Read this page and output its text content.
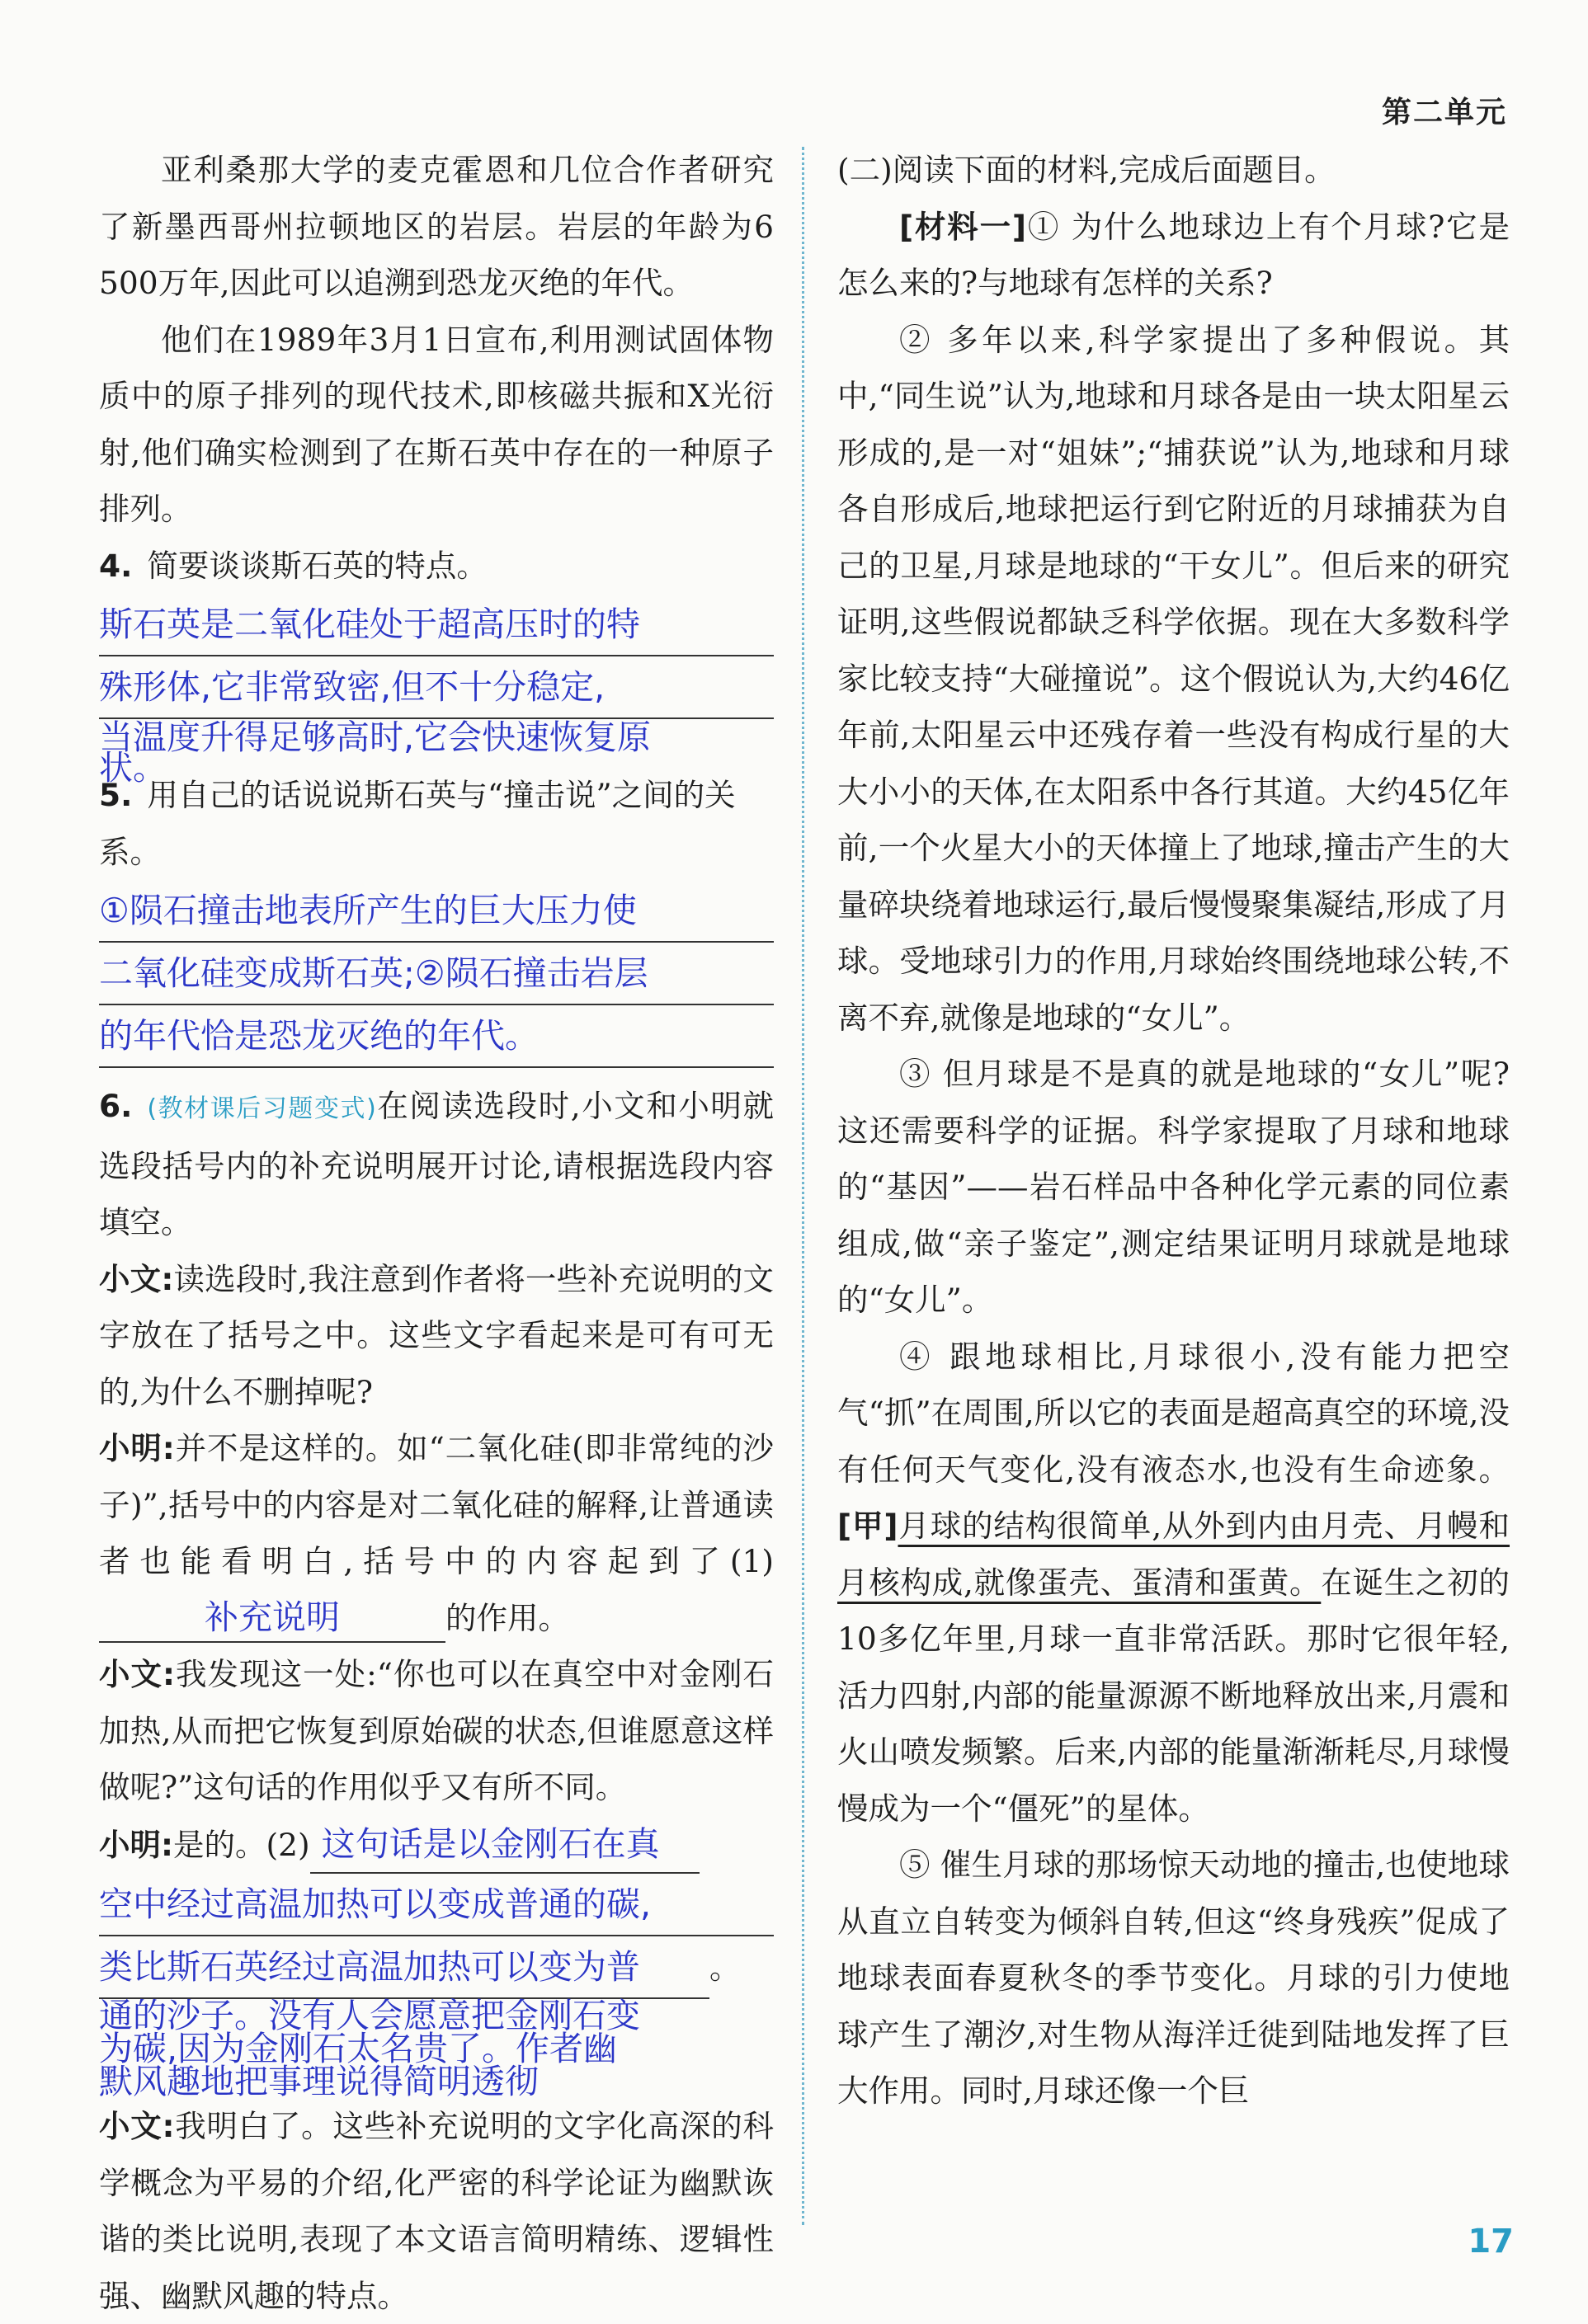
第二单元

亚利桑那大学的麦克霍恩和几位合作者研究了新墨西哥州拉顿地区的岩层。岩层的年龄为6 500万年,因此可以追溯到恐龙灭绝的年代。

他们在1989年3月1日宣布,利用测试固体物质中的原子排列的现代技术,即核磁共振和X光衍射,他们确实检测到了在斯石英中存在的一种原子排列。

4. 简要谈谈斯石英的特点。
斯石英是二氧化硅处于超高压时的特
殊形体,它非常致密,但不十分稳定,
当温度升得足够高时,它会快速恢复原
状。
5. 用自己的话说说斯石英与“撞击说”之间的关系。
①陨石撞击地表所产生的巨大压力使
二氧化硅变成斯石英;②陨石撞击岩层
的年代恰是恐龙灭绝的年代。

6. (教材课后习题变式)在阅读选段时,小文和小明就选段括号内的补充说明展开讨论,请根据选段内容填空。

小文:读选段时,我注意到作者将一些补充说明的文字放在了括号之中。这些文字看起来是可有可无的,为什么不删掉呢?

小明:并不是这样的。如“二氧化硅(即非常纯的沙子)”,括号中的内容是对二氧化硅的解释,让普通读者也能看明白,括号中的内容起到了(1)补充说明	的作用。

小文:我发现这一处:“你也可以在真空中对金刚石加热,从而把它恢复到原始碳的状态,但谁愿意这样做呢?”这句话的作用似乎又有所不同。

小明:是的。(2) 这句话是以金刚石在真

空中经过高温加热可以变成普通的碳,
类比斯石英经过高温加热可以变为普 。
通的沙子。没有人会愿意把金刚石变
为碳,因为金刚石太名贵了。作者幽
默风趣地把事理说得简明透彻

小文:我明白了。这些补充说明的文字化高深的科学概念为平易的介绍,化严密的科学论证为幽默诙谐的类比说明,表现了本文语言简明精练、逻辑性强、幽默风趣的特点。

(二)阅读下面的材料,完成后面题目。

[材料一]① 为什么地球边上有个月球?它是怎么来的?与地球有怎样的关系?

② 多年以来,科学家提出了多种假说。其中,“同生说”认为,地球和月球各是由一块太阳星云形成的,是一对“姐妹”;“捕获说”认为,地球和月球各自形成后,地球把运行到它附近的月球捕获为自己的卫星,月球是地球的“干女儿”。但后来的研究证明,这些假说都缺乏科学依据。现在大多数科学家比较支持“大碰撞说”。这个假说认为,大约46亿年前,太阳星云中还残存着一些没有构成行星的大大小小的天体,在太阳系中各行其道。大约45亿年前,一个火星大小的天体撞上了地球,撞击产生的大量碎块绕着地球运行,最后慢慢聚集凝结,形成了月球。受地球引力的作用,月球始终围绕地球公转,不离不弃,就像是地球的“女儿”。

③ 但月球是不是真的就是地球的“女儿”呢?这还需要科学的证据。科学家提取了月球和地球的“基因”——岩石样品中各种化学元素的同位素组成,做“亲子鉴定”,测定结果证明月球就是地球的“女儿”。

④ 跟地球相比,月球很小,没有能力把空气“抓”在周围,所以它的表面是超高真空的环境,没有任何天气变化,没有液态水,也没有生命迹象。[甲]月球的结构很简单,从外到内由月壳、月幔和月核构成,就像蛋壳、蛋清和蛋黄。在诞生之初的10多亿年里,月球一直非常活跃。那时它很年轻,活力四射,内部的能量源源不断地释放出来,月震和火山喷发频繁。后来,内部的能量渐渐耗尽,月球慢慢成为一个“僵死”的星体。

⑤ 催生月球的那场惊天动地的撞击,也使地球从直立自转变为倾斜自转,但这“终身残疾”促成了地球表面春夏秋冬的季节变化。月球的引力使地球产生了潮汐,对生物从海洋迁徙到陆地发挥了巨大作用。同时,月球还像一个巨

17
